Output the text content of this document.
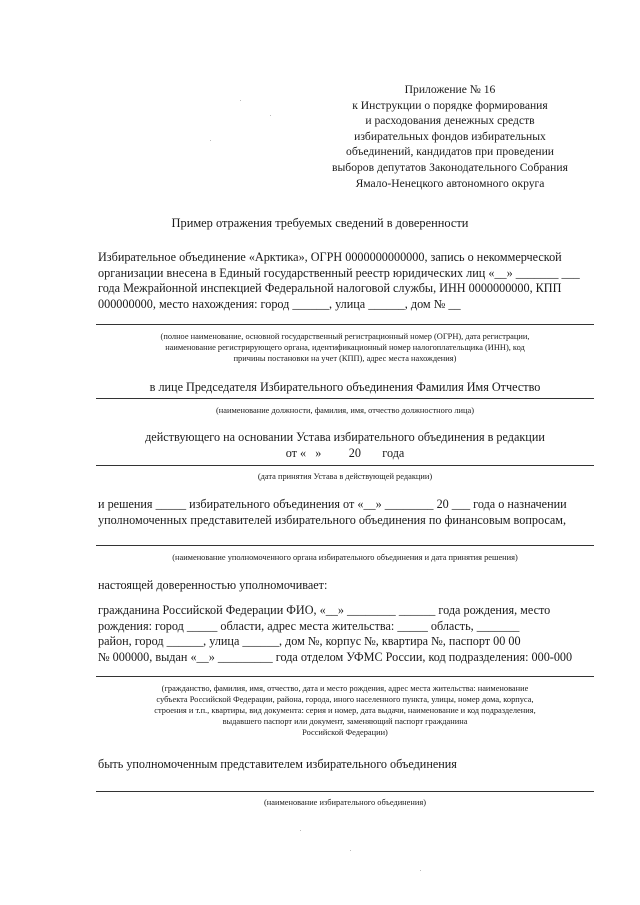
Приложение № 16
к Инструкции о порядке формирования
и расходования денежных средств
избирательных фондов избирательных
объединений, кандидатов при проведении
выборов депутатов Законодательного Собрания
Ямало-Ненецкого автономного округа
Пример отражения требуемых сведений в доверенности
Избирательное объединение «Арктика», ОГРН 0000000000000, запись о некоммерческой
организации внесена в Единый государственный реестр юридических лиц «__» _______ ___
года Межрайонной инспекцией Федеральной налоговой службы, ИНН 0000000000, КПП
000000000, место нахождения: город ______, улица ______, дом № __
(полное наименование, основной государственный регистрационный номер (ОГРН), дата регистрации,
наименование регистрирующего органа, идентификационный номер налогоплательщика (ИНН), код
причины постановки на учет (КПП), адрес места нахождения)
в лице Председателя Избирательного объединения Фамилия Имя Отчество
(наименование должности, фамилия, имя, отчество должностного лица)
действующего на основании Устава избирательного объединения в редакции
от «   »         20       года
(дата принятия Устава в действующей редакции)
и решения _____ избирательного объединения от «__» ________ 20 ___ года о назначении
уполномоченных представителей избирательного объединения по финансовым вопросам,
(наименование уполномоченного органа избирательного объединения и дата принятия решения)
настоящей доверенностью уполномочивает:
гражданина Российской Федерации ФИО, «__» ________ ______ года рождения, место
рождения: город _____ области, адрес места жительства: _____ область, _______
район, город ______, улица ______, дом №, корпус №, квартира №, паспорт 00 00
№ 000000, выдан «__» _________ года отделом УФМС России, код подразделения: 000-000
(гражданство, фамилия, имя, отчество, дата и место рождения, адрес места жительства: наименование
субъекта Российской Федерации, района, города, иного населенного пункта, улицы, номер дома, корпуса,
строения и т.п., квартиры, вид документа: серия и номер, дата выдачи, наименование и код подразделения,
выдавшего паспорт или документ, заменяющий паспорт гражданина
Российской Федерации)
быть уполномоченным представителем избирательного объединения
(наименование избирательного объединения)
